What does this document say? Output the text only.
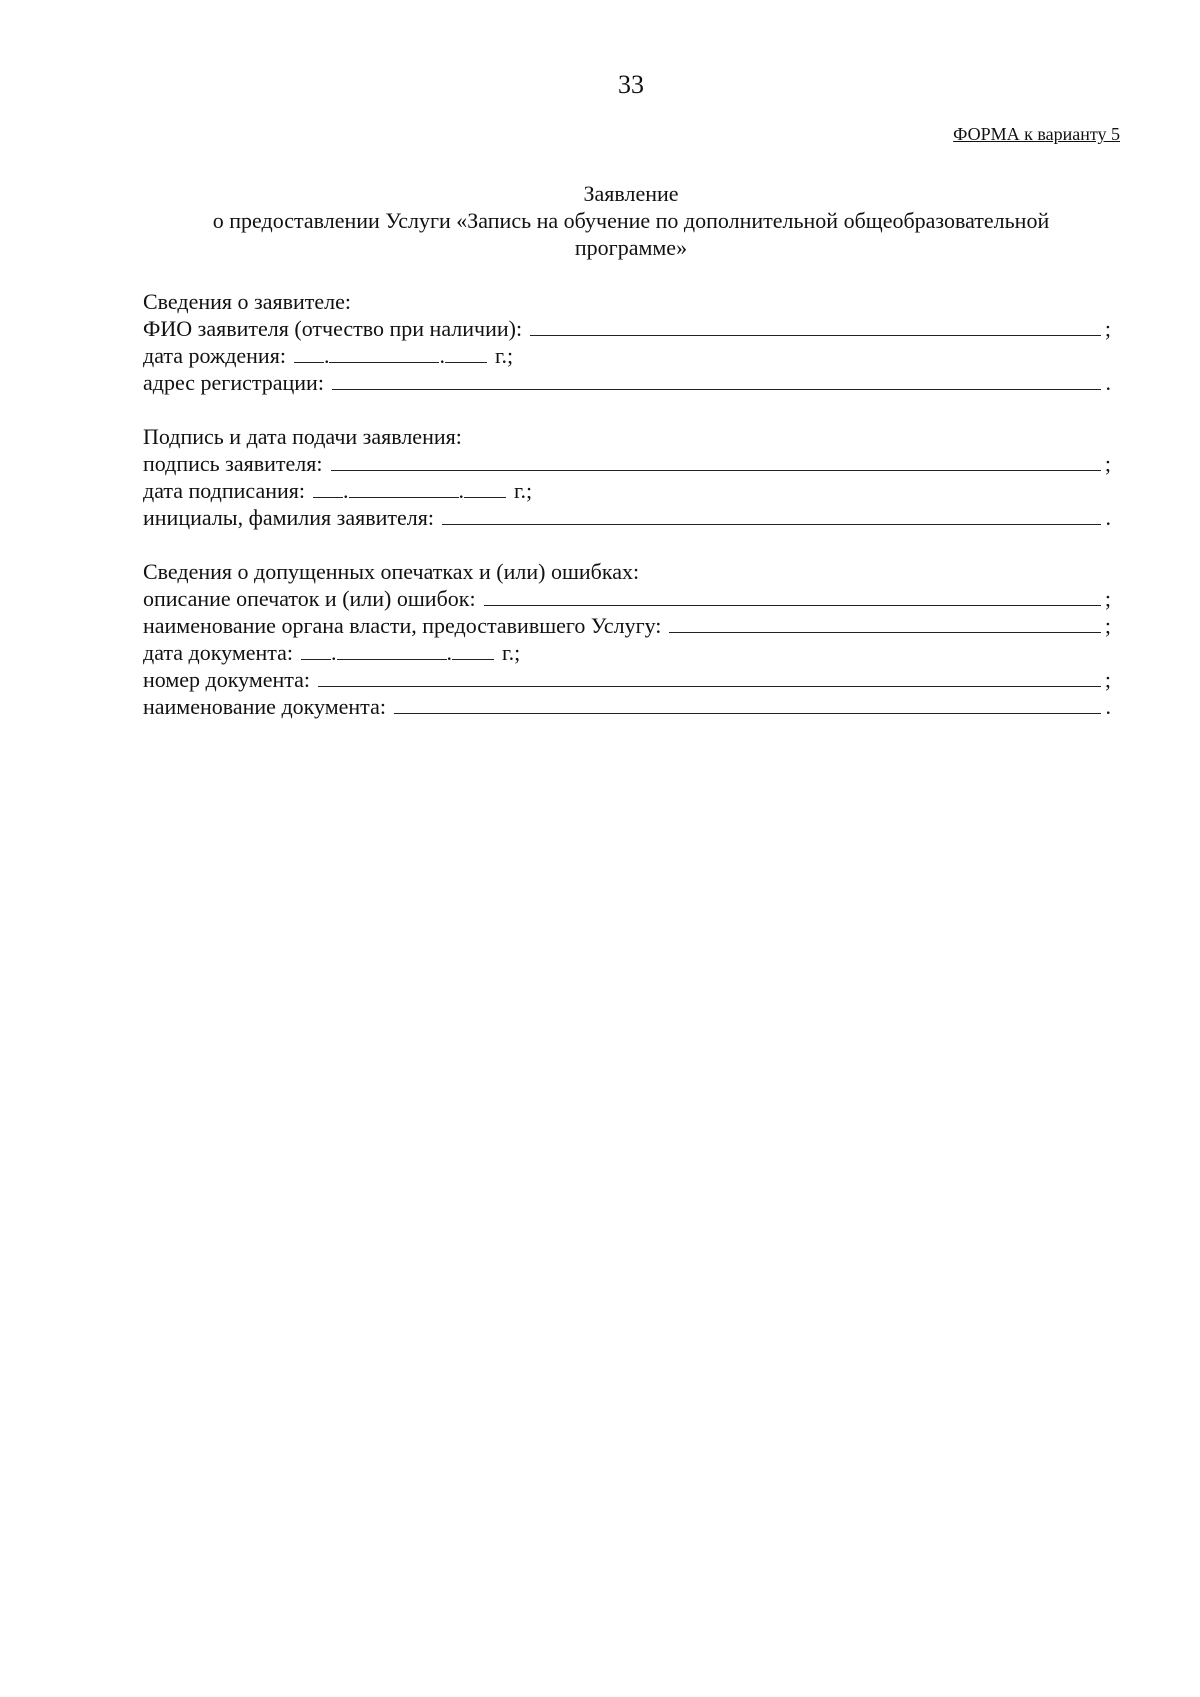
33
ФОРМА к варианту 5
Заявление
о предоставлении Услуги «Запись на обучение по дополнительной общеобразовательной
программе»
Сведения о заявителе:
ФИО заявителя (отчество при наличии):	;
дата рождения: .	. г.;
адрес регистрации:	.
Подпись и дата подачи заявления:
подпись заявителя:	;
дата подписания: .	. г.;
инициалы, фамилия заявителя:	.
Сведения о допущенных опечатках и (или) ошибках:
описание опечаток и (или) ошибок:	;
наименование органа власти, предоставившего Услугу:	;
дата документа: .	. г.;
номер документа:	;
наименование документа:	.
